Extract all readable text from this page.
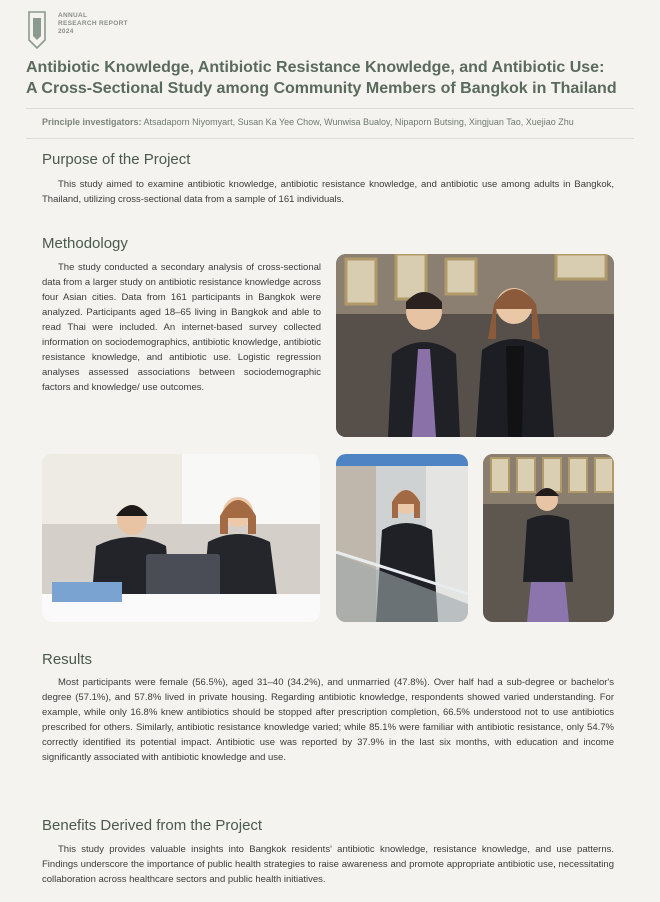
ANNUAL
RESEARCH REPORT
2024
Antibiotic Knowledge, Antibiotic Resistance Knowledge, and Antibiotic Use:
A Cross-Sectional Study among Community Members of Bangkok in Thailand
Principle investigators: Atsadaporn Niyomyart, Susan Ka Yee Chow, Wunwisa Bualoy, Nipaporn Butsing, Xingjuan Tao, Xuejiao Zhu
Purpose of the Project
This study aimed to examine antibiotic knowledge, antibiotic resistance knowledge, and antibiotic use among adults in Bangkok, Thailand, utilizing cross-sectional data from a sample of 161 individuals.
Methodology
The study conducted a secondary analysis of cross-sectional data from a larger study on antibiotic resistance knowledge across four Asian cities. Data from 161 participants in Bangkok were analyzed. Participants aged 18–65 living in Bangkok and able to read Thai were included. An internet-based survey collected information on sociodemographics, antibiotic knowledge, antibiotic resistance knowledge, and antibiotic use. Logistic regression analyses assessed associations between sociodemographic factors and knowledge/ use outcomes.
Results
Most participants were female (56.5%), aged 31–40 (34.2%), and unmarried (47.8%). Over half had a sub-degree or bachelor's degree (57.1%), and 57.8% lived in private housing. Regarding antibiotic knowledge, respondents showed varied understanding. For example, while only 16.8% knew antibiotics should be stopped after prescription completion, 66.5% understood not to use antibiotics prescribed for others. Similarly, antibiotic resistance knowledge varied; while 85.1% were familiar with antibiotic resistance, only 54.7% correctly identified its potential impact. Antibiotic use was reported by 37.9% in the last six months, with education and income significantly associated with antibiotic knowledge and use.
Benefits Derived from the Project
This study provides valuable insights into Bangkok residents' antibiotic knowledge, resistance knowledge, and use patterns. Findings underscore the importance of public health strategies to raise awareness and promote appropriate antibiotic use, necessitating collaboration across healthcare sectors and public health initiatives.
